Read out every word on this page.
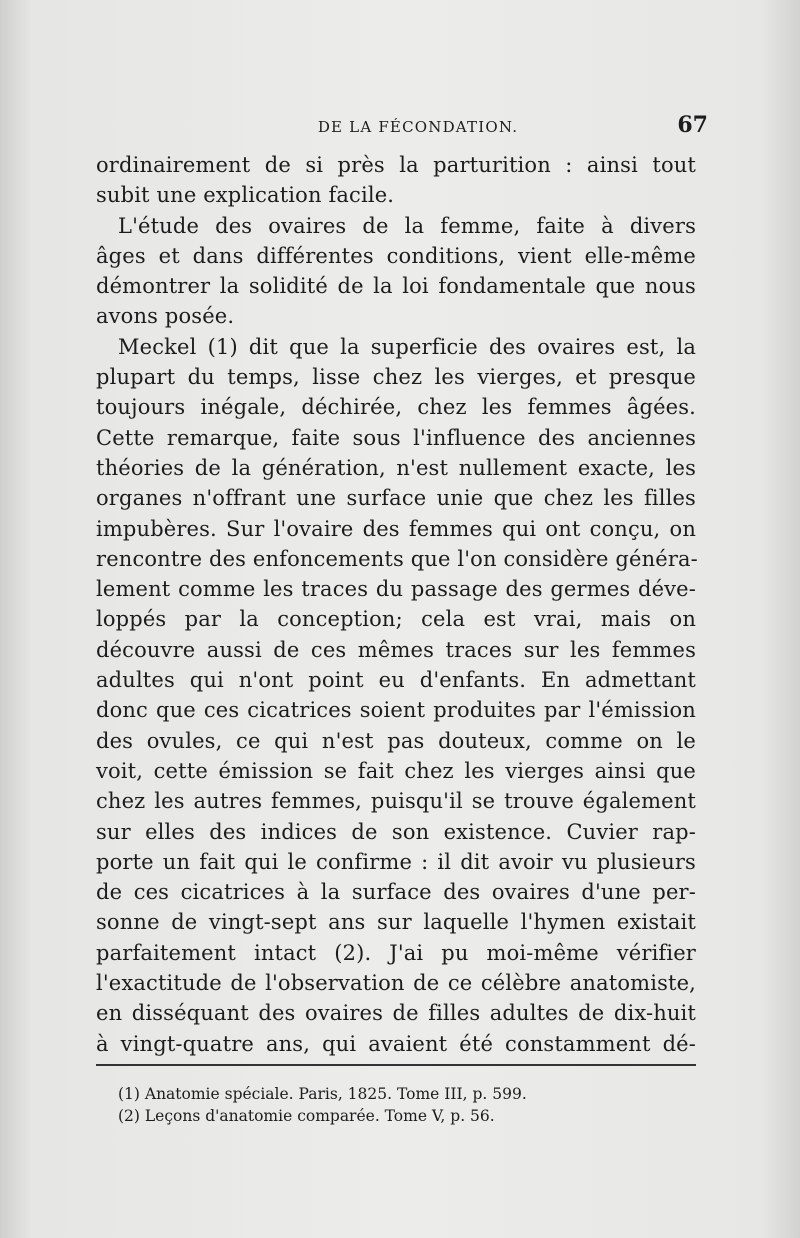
DE LA FÉCONDATION.	67
ordinairement de si près la parturition : ainsi tout
subit une explication facile.
L'étude des ovaires de la femme, faite à divers
âges et dans différentes conditions, vient elle-même
démontrer la solidité de la loi fondamentale que nous
avons posée.
Meckel (1) dit que la superficie des ovaires est, la
plupart du temps, lisse chez les vierges, et presque
toujours inégale, déchirée, chez les femmes âgées.
Cette remarque, faite sous l'influence des anciennes
théories de la génération, n'est nullement exacte, les
organes n'offrant une surface unie que chez les filles
impubères. Sur l'ovaire des femmes qui ont conçu, on
rencontre des enfoncements que l'on considère généra-
lement comme les traces du passage des germes déve-
loppés par la conception; cela est vrai, mais on
découvre aussi de ces mêmes traces sur les femmes
adultes qui n'ont point eu d'enfants. En admettant
donc que ces cicatrices soient produites par l'émission
des ovules, ce qui n'est pas douteux, comme on le
voit, cette émission se fait chez les vierges ainsi que
chez les autres femmes, puisqu'il se trouve également
sur elles des indices de son existence. Cuvier rap-
porte un fait qui le confirme : il dit avoir vu plusieurs
de ces cicatrices à la surface des ovaires d'une per-
sonne de vingt-sept ans sur laquelle l'hymen existait
parfaitement intact (2). J'ai pu moi-même vérifier
l'exactitude de l'observation de ce célèbre anatomiste,
en disséquant des ovaires de filles adultes de dix-huit
à vingt-quatre ans, qui avaient été constamment dé-
(1) Anatomie spéciale. Paris, 1825. Tome III, p. 599.
(2) Leçons d'anatomie comparée. Tome V, p. 56.
